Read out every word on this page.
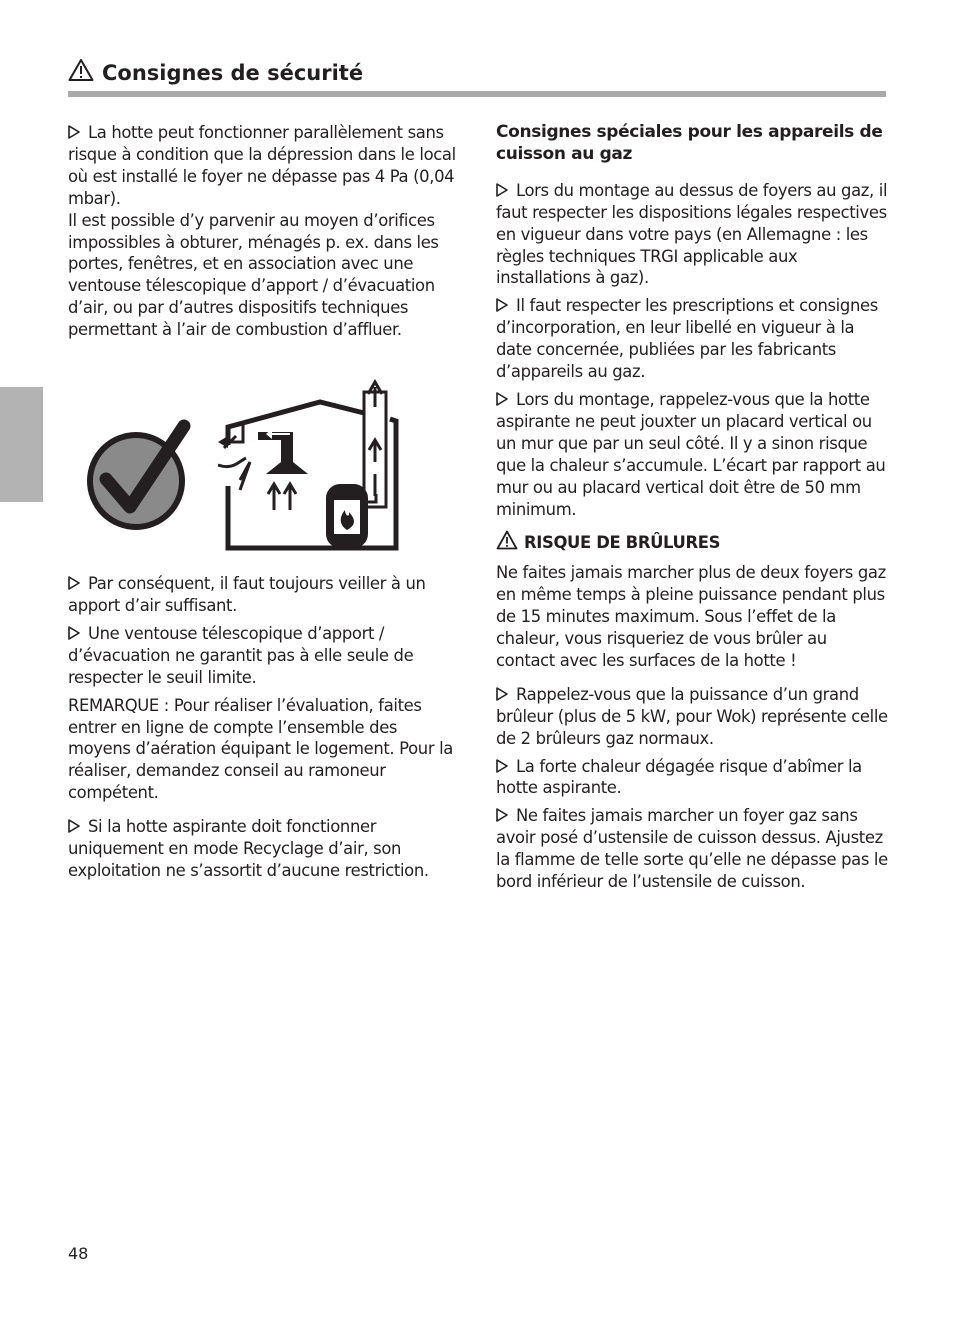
Consignes de sécurité

La hotte peut fonctionner parallèlement sans risque à condition que la dépression dans le local où est installé le foyer ne dépasse pas 4 Pa (0,04 mbar).
Il est possible d’y parvenir au moyen d’orifices impossibles à obturer, ménagés p. ex. dans les portes, fenêtres, et en association avec une ventouse télescopique d’apport / d’évacuation d’air, ou par d’autres dispositifs techniques permettant à l’air de combustion d’affluer.

Par conséquent, il faut toujours veiller à un apport d’air suffisant.

Une ventouse télescopique d’apport / d’évacuation ne garantit pas à elle seule de respecter le seuil limite.

REMARQUE : Pour réaliser l’évaluation, faites entrer en ligne de compte l’ensemble des moyens d’aération équipant le logement. Pour la réaliser, demandez conseil au ramoneur compétent.

Si la hotte aspirante doit fonctionner uniquement en mode Recyclage d’air, son exploitation ne s’assortit d’aucune restriction.

Consignes spéciales pour les appareils de cuisson au gaz

Lors du montage au dessus de foyers au gaz, il faut respecter les dispositions légales respectives en vigueur dans votre pays (en Allemagne : les règles techniques TRGI applicable aux installations à gaz).

Il faut respecter les prescriptions et consignes d’incorporation, en leur libellé en vigueur à la date concernée, publiées par les fabricants d’appareils au gaz.

Lors du montage, rappelez-vous que la hotte aspirante ne peut jouxter un placard vertical ou un mur que par un seul côté. Il y a sinon risque que la chaleur s’accumule. L’écart par rapport au mur ou au placard vertical doit être de 50 mm minimum.

RISQUE DE BRÛLURES

Ne faites jamais marcher plus de deux foyers gaz en même temps à pleine puissance pendant plus de 15 minutes maximum. Sous l’effet de la chaleur, vous risqueriez de vous brûler au contact avec les surfaces de la hotte !

Rappelez-vous que la puissance d’un grand brûleur (plus de 5 kW, pour Wok) représente celle de 2 brûleurs gaz normaux.

La forte chaleur dégagée risque d’abîmer la hotte aspirante.

Ne faites jamais marcher un foyer gaz sans avoir posé d’ustensile de cuisson dessus. Ajustez la flamme de telle sorte qu’elle ne dépasse pas le bord inférieur de l’ustensile de cuisson.

48
